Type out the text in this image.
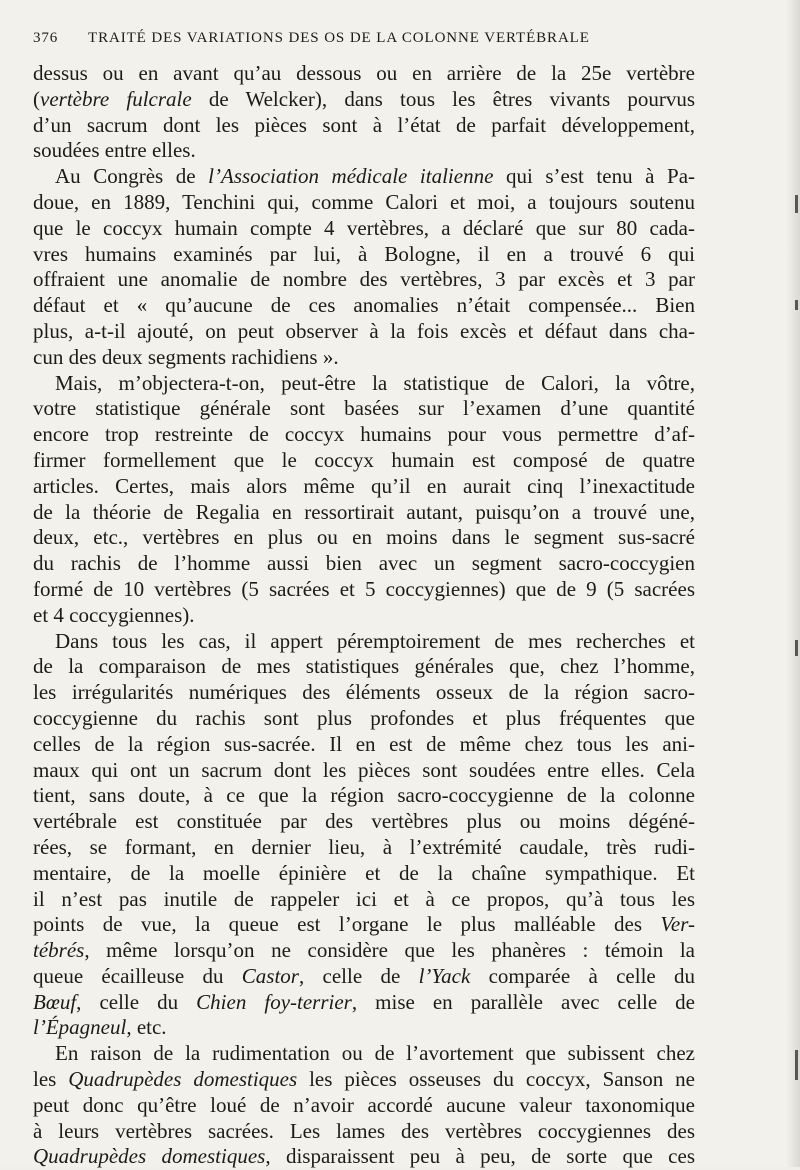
376 TRAITÉ DES VARIATIONS DES OS DE LA COLONNE VERTÉBRALE
dessus ou en avant qu’au dessous ou en arrière de la 25e vertèbre
(vertèbre fulcrale de Welcker), dans tous les êtres vivants pourvus
d’un sacrum dont les pièces sont à l’état de parfait développement,
soudées entre elles.
Au Congrès de l’Association médicale italienne qui s’est tenu à Pa-
doue, en 1889, Tenchini qui, comme Calori et moi, a toujours soutenu
que le coccyx humain compte 4 vertèbres, a déclaré que sur 80 cada-
vres humains examinés par lui, à Bologne, il en a trouvé 6 qui
offraient une anomalie de nombre des vertèbres, 3 par excès et 3 par
défaut et « qu’aucune de ces anomalies n’était compensée... Bien
plus, a-t-il ajouté, on peut observer à la fois excès et défaut dans cha-
cun des deux segments rachidiens ».
Mais, m’objectera-t-on, peut-être la statistique de Calori, la vôtre,
votre statistique générale sont basées sur l’examen d’une quantité
encore trop restreinte de coccyx humains pour vous permettre d’af-
firmer formellement que le coccyx humain est composé de quatre
articles. Certes, mais alors même qu’il en aurait cinq l’inexactitude
de la théorie de Regalia en ressortirait autant, puisqu’on a trouvé une,
deux, etc., vertèbres en plus ou en moins dans le segment sus-sacré
du rachis de l’homme aussi bien avec un segment sacro-coccygien
formé de 10 vertèbres (5 sacrées et 5 coccygiennes) que de 9 (5 sacrées
et 4 coccygiennes).
Dans tous les cas, il appert péremptoirement de mes recherches et
de la comparaison de mes statistiques générales que, chez l’homme,
les irrégularités numériques des éléments osseux de la région sacro-
coccygienne du rachis sont plus profondes et plus fréquentes que
celles de la région sus-sacrée. Il en est de même chez tous les ani-
maux qui ont un sacrum dont les pièces sont soudées entre elles. Cela
tient, sans doute, à ce que la région sacro-coccygienne de la colonne
vertébrale est constituée par des vertèbres plus ou moins dégéné-
rées, se formant, en dernier lieu, à l’extrémité caudale, très rudi-
mentaire, de la moelle épinière et de la chaîne sympathique. Et
il n’est pas inutile de rappeler ici et à ce propos, qu’à tous les
points de vue, la queue est l’organe le plus malléable des Ver-
tébrés, même lorsqu’on ne considère que les phanères : témoin la
queue écailleuse du Castor, celle de l’Yack comparée à celle du
Bœuf, celle du Chien foy-terrier, mise en parallèle avec celle de
l’Épagneul, etc.
En raison de la rudimentation ou de l’avortement que subissent chez
les Quadrupèdes domestiques les pièces osseuses du coccyx, Sanson ne
peut donc qu’être loué de n’avoir accordé aucune valeur taxonomique
à leurs vertèbres sacrées. Les lames des vertèbres coccygiennes des
Quadrupèdes domestiques, disparaissent peu à peu, de sorte que ces
